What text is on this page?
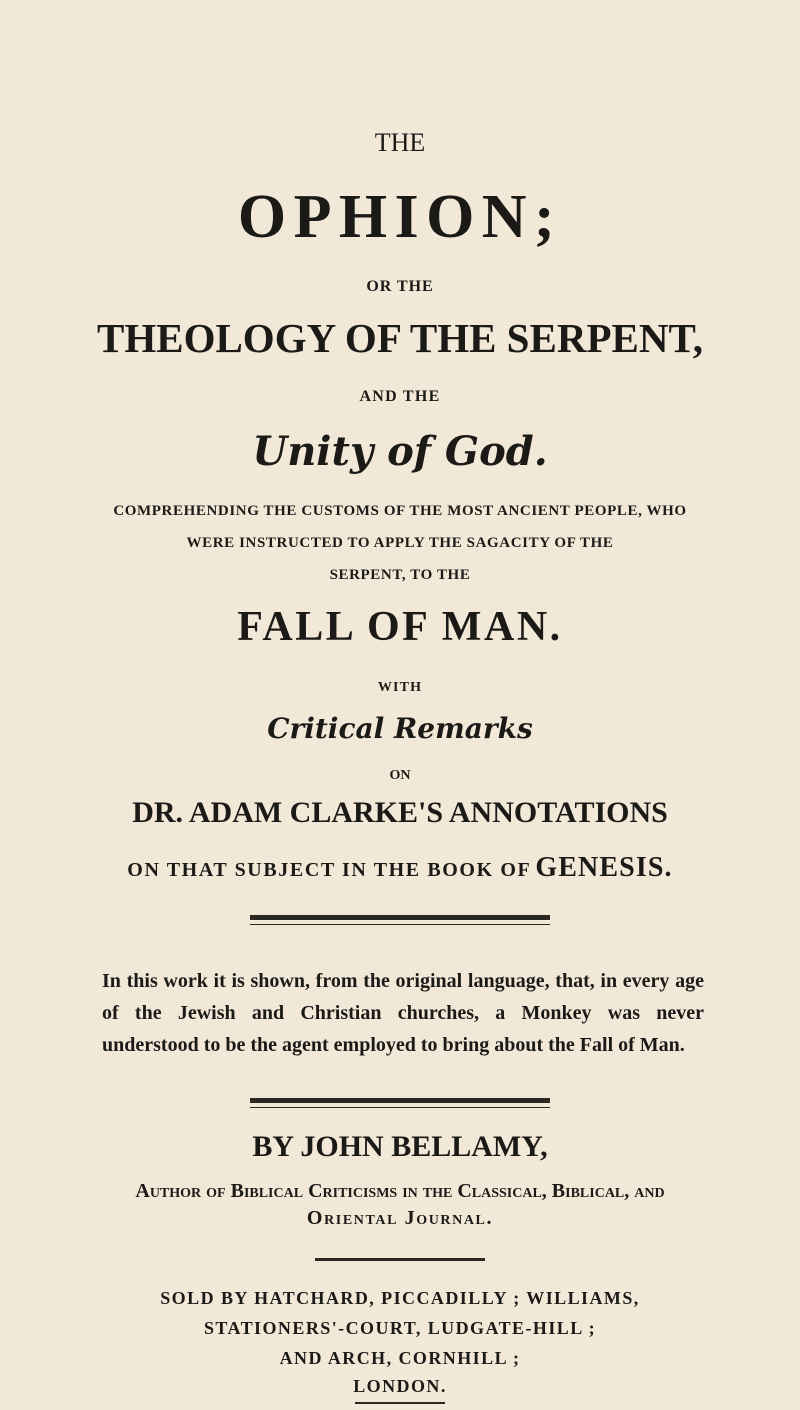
THE
OPHION;
OR THE
THEOLOGY OF THE SERPENT,
AND THE
Unity of God.
COMPREHENDING THE CUSTOMS OF THE MOST ANCIENT PEOPLE, WHO
WERE INSTRUCTED TO APPLY THE SAGACITY OF THE
SERPENT, TO THE
FALL OF MAN.
WITH
Critical Remarks
ON
DR. ADAM CLARKE'S ANNOTATIONS
ON THAT SUBJECT IN THE BOOK OF GENESIS.
In this work it is shown, from the original language, that, in every age of the Jewish and Christian churches, a Monkey was never understood to be the agent employed to bring about the Fall of Man.
BY JOHN BELLAMY,
Author of Biblical Criticisms in the Classical, Biblical, and
Oriental Journal.
SOLD BY HATCHARD, PICCADILLY ; WILLIAMS,
STATIONERS'-COURT, LUDGATE-HILL ;
AND ARCH, CORNHILL ;
LONDON.
